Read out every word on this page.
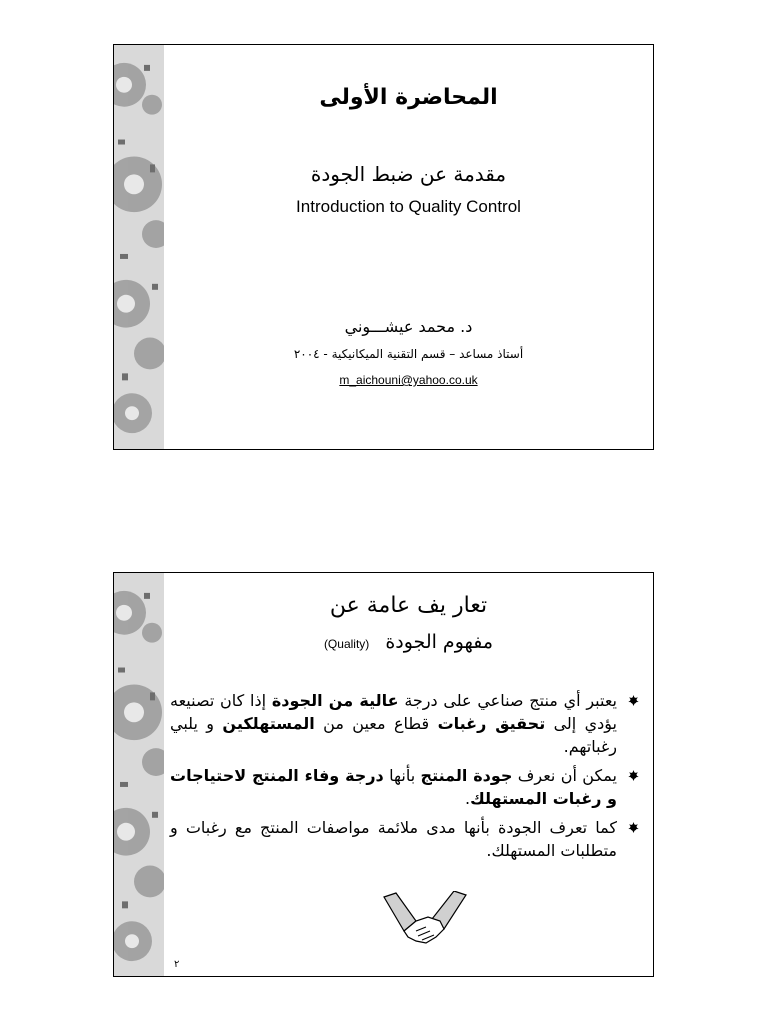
المحاضرة الأولى
مقدمة عن ضبط الجودة
Introduction to Quality Control
د. محمد عيشـــوني
أستاذ مساعد – قسم التقنية الميكانيكية - ٢٠٠٤
m_aichouni@yahoo.co.uk
تعار يف عامة عن
مفهوم الجودة (Quality)
يعتبر أي منتج صناعي على درجة عالية من الجودة إذا كان تصنيعه يؤدي إلى تحقيق رغبات قطاع معين من المستهلكين و يلبي رغباتهم.
يمكن أن نعرف جودة المنتج بأنها درجة وفاء المنتج لاحتياجات و رغبات المستهلك.
كما تعرف الجودة بأنها مدى ملائمة مواصفات المنتج مع رغبات و متطلبات المستهلك.
٢
